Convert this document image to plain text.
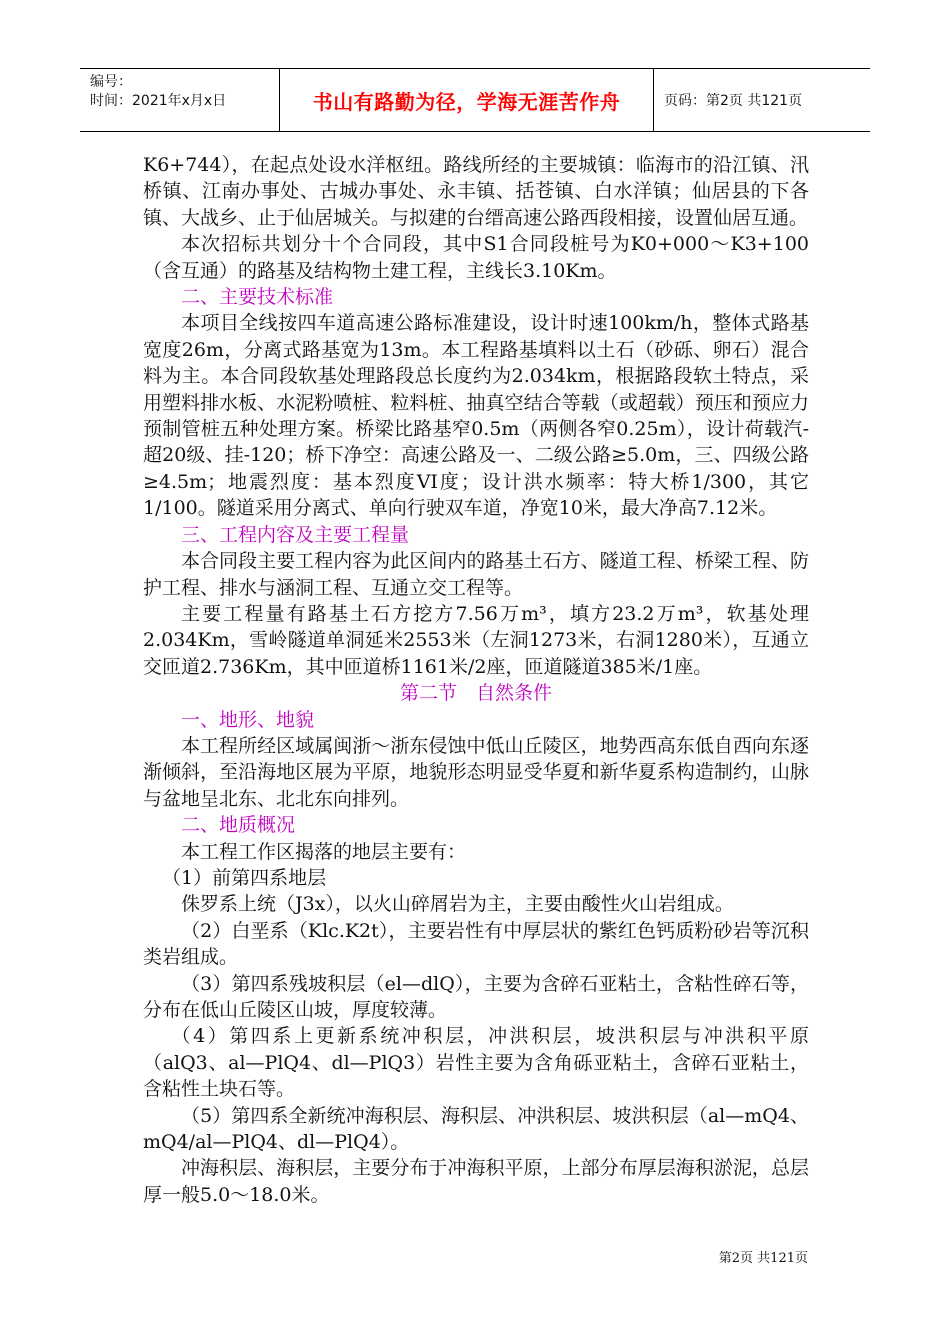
编号：
时间：2021年x月x日	书山有路勤为径，学海无涯苦作舟	页码：第2页 共121页

K6+744），在起点处设水洋枢纽。路线所经的主要城镇：临海市的沿江镇、汛桥镇、江南办事处、古城办事处、永丰镇、括苍镇、白水洋镇；仙居县的下各镇、大战乡、止于仙居城关。与拟建的台缙高速公路西段相接，设置仙居互通。

本次招标共划分十个合同段，其中S1合同段桩号为K0+000～K3+100（含互通）的路基及结构物土建工程，主线长3.10Km。

二、主要技术标准

本项目全线按四车道高速公路标准建设，设计时速100km/h，整体式路基宽度26m，分离式路基宽为13m。本工程路基填料以土石（砂砾、卵石）混合料为主。本合同段软基处理路段总长度约为2.034km，根据路段软土特点，采用塑料排水板、水泥粉喷桩、粒料桩、抽真空结合等载（或超载）预压和预应力预制管桩五种处理方案。桥梁比路基窄0.5m（两侧各窄0.25m），设计荷载汽-超20级、挂-120；桥下净空：高速公路及一、二级公路≥5.0m，三、四级公路≥4.5m；地震烈度：基本烈度VI度；设计洪水频率：特大桥1/300，其它1/100。隧道采用分离式、单向行驶双车道，净宽10米，最大净高7.12米。

三、工程内容及主要工程量

本合同段主要工程内容为此区间内的路基土石方、隧道工程、桥梁工程、防护工程、排水与涵洞工程、互通立交工程等。

主要工程量有路基土石方挖方7.56万m³，填方23.2万m³，软基处理2.034Km，雪岭隧道单洞延米2553米（左洞1273米，右洞1280米），互通立交匝道2.736Km，其中匝道桥1161米/2座，匝道隧道385米/1座。

第二节　自然条件

一、地形、地貌

本工程所经区域属闽浙～浙东侵蚀中低山丘陵区，地势西高东低自西向东逐渐倾斜，至沿海地区展为平原，地貌形态明显受华夏和新华夏系构造制约，山脉与盆地呈北东、北北东向排列。

二、地质概况

本工程工作区揭落的地层主要有：

（1）前第四系地层

侏罗系上统（J3x），以火山碎屑岩为主，主要由酸性火山岩组成。

（2）白垩系（Klc.K2t），主要岩性有中厚层状的紫红色钙质粉砂岩等沉积类岩组成。

（3）第四系残坡积层（el—dlQ），主要为含碎石亚粘土，含粘性碎石等，分布在低山丘陵区山坡，厚度较薄。

（4）第四系上更新系统冲积层，冲洪积层，坡洪积层与冲洪积平原（alQ3、al—PlQ4、dl—PlQ3）岩性主要为含角砾亚粘土，含碎石亚粘土，含粘性土块石等。

（5）第四系全新统冲海积层、海积层、冲洪积层、坡洪积层（al—mQ4、mQ4/al—PlQ4、dl—PlQ4）。

冲海积层、海积层，主要分布于冲海积平原，上部分布厚层海积淤泥，总层厚一般5.0～18.0米。

第2页 共121页
